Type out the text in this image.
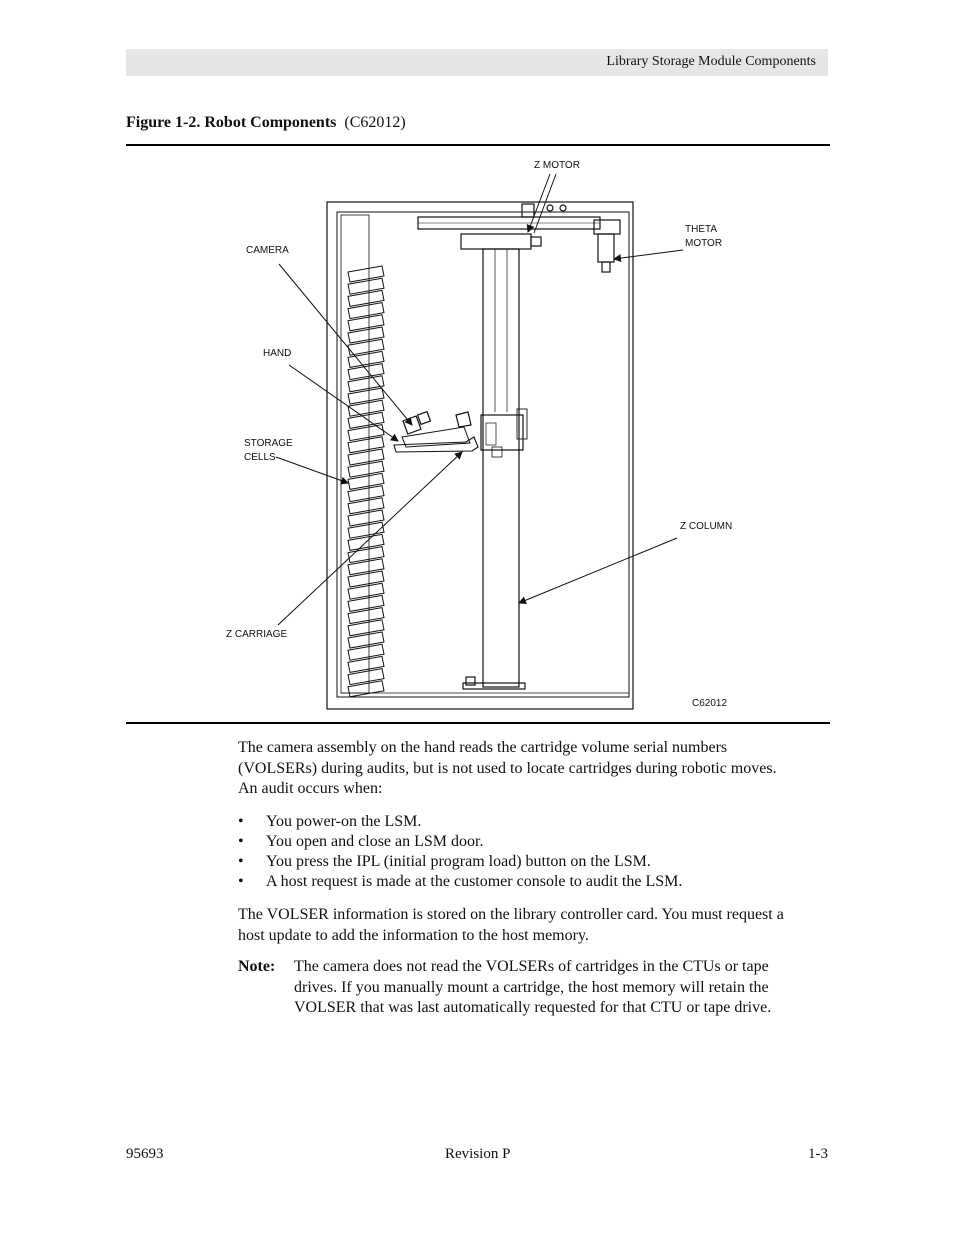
Library Storage Module Components
Figure 1-2. Robot Components (C62012)
Z MOTOR
THETA
MOTOR
CAMERA
HAND
STORAGE
CELLS
Z COLUMN
Z CARRIAGE
C62012

The camera assembly on the hand reads the cartridge volume serial numbers (VOLSERs) during audits, but is not used to locate cartridges during robotic moves. An audit occurs when:

• You power-on the LSM.
• You open and close an LSM door.
• You press the IPL (initial program load) button on the LSM.
• A host request is made at the customer console to audit the LSM.

The VOLSER information is stored on the library controller card. You must request a host update to add the information to the host memory.

Note: The camera does not read the VOLSERs of cartridges in the CTUs or tape drives. If you manually mount a cartridge, the host memory will retain the VOLSER that was last automatically requested for that CTU or tape drive.
95693	Revision P	1-3
